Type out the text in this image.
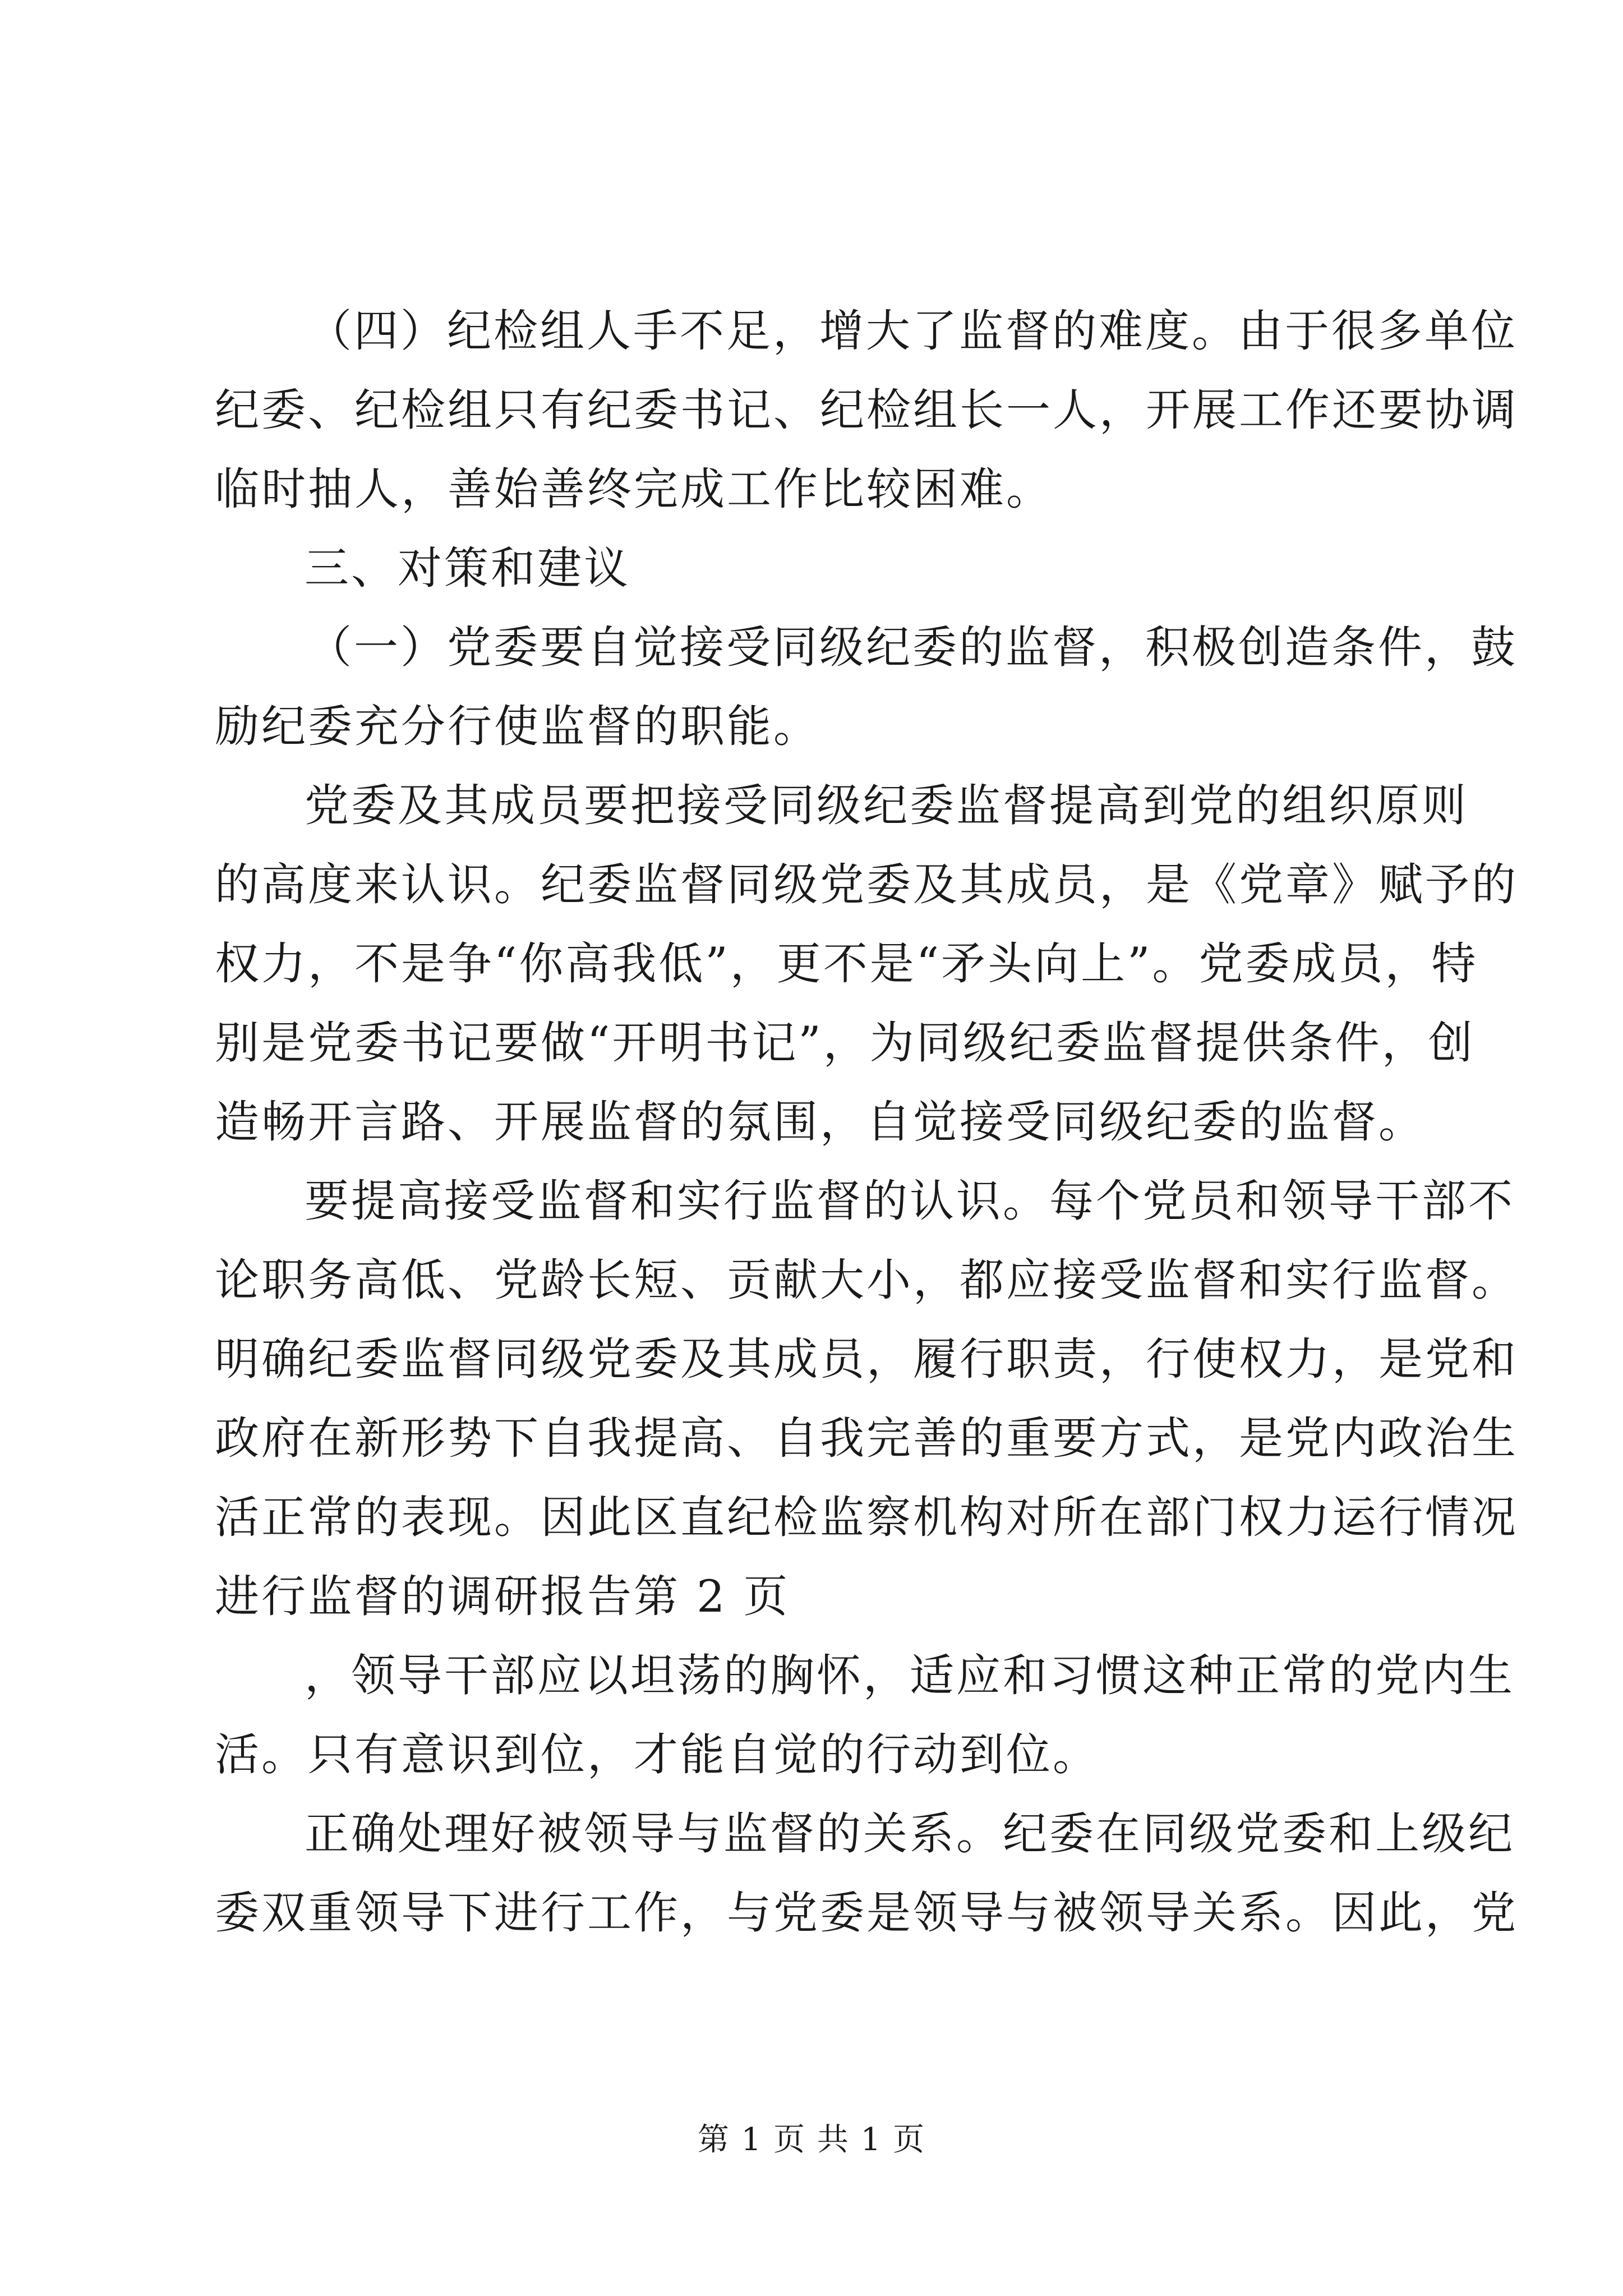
（四）纪检组人手不足，增大了监督的难度。由于很多单位
纪委、纪检组只有纪委书记、纪检组长一人，开展工作还要协调
临时抽人，善始善终完成工作比较困难。
三、对策和建议
（一）党委要自觉接受同级纪委的监督，积极创造条件，鼓
励纪委充分行使监督的职能。
党委及其成员要把接受同级纪委监督提高到党的组织原则
的高度来认识。纪委监督同级党委及其成员，是《党章》赋予的
权力，不是争“你高我低”，更不是“矛头向上”。党委成员，特
别是党委书记要做“开明书记”，为同级纪委监督提供条件，创
造畅开言路、开展监督的氛围，自觉接受同级纪委的监督。
要提高接受监督和实行监督的认识。每个党员和领导干部不
论职务高低、党龄长短、贡献大小，都应接受监督和实行监督。
明确纪委监督同级党委及其成员，履行职责，行使权力，是党和
政府在新形势下自我提高、自我完善的重要方式，是党内政治生
活正常的表现。因此区直纪检监察机构对所在部门权力运行情况
进行监督的调研报告第 2 页
，领导干部应以坦荡的胸怀，适应和习惯这种正常的党内生
活。只有意识到位，才能自觉的行动到位。
正确处理好被领导与监督的关系。纪委在同级党委和上级纪
委双重领导下进行工作，与党委是领导与被领导关系。因此，党
第 1 页 共 1 页
